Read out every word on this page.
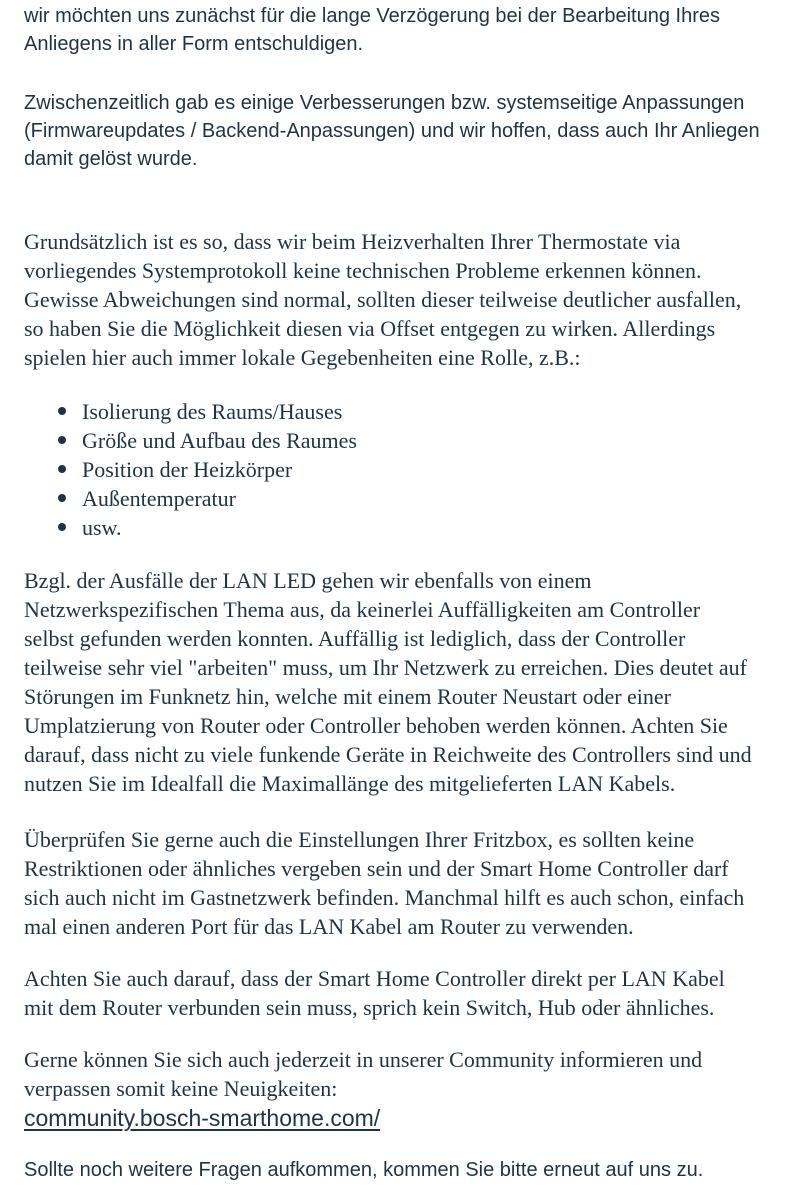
wir möchten uns zunächst für die lange Verzögerung bei der Bearbeitung Ihres
Anliegens in aller Form entschuldigen.

Zwischenzeitlich gab es einige Verbesserungen bzw. systemseitige Anpassungen
(Firmwareupdates / Backend-Anpassungen) und wir hoffen, dass auch Ihr Anliegen
damit gelöst wurde.

Grundsätzlich ist es so, dass wir beim Heizverhalten Ihrer Thermostate via
vorliegendes Systemprotokoll keine technischen Probleme erkennen können.
Gewisse Abweichungen sind normal, sollten dieser teilweise deutlicher ausfallen,
so haben Sie die Möglichkeit diesen via Offset entgegen zu wirken. Allerdings
spielen hier auch immer lokale Gegebenheiten eine Rolle, z.B.:

Isolierung des Raums/Hauses
Größe und Aufbau des Raumes
Position der Heizkörper
Außentemperatur
usw.

Bzgl. der Ausfälle der LAN LED gehen wir ebenfalls von einem
Netzwerkspezifischen Thema aus, da keinerlei Auffälligkeiten am Controller
selbst gefunden werden konnten. Auffällig ist lediglich, dass der Controller
teilweise sehr viel "arbeiten" muss, um Ihr Netzwerk zu erreichen. Dies deutet auf
Störungen im Funknetz hin, welche mit einem Router Neustart oder einer
Umplatzierung von Router oder Controller behoben werden können. Achten Sie
darauf, dass nicht zu viele funkende Geräte in Reichweite des Controllers sind und
nutzen Sie im Idealfall die Maximallänge des mitgelieferten LAN Kabels.

Überprüfen Sie gerne auch die Einstellungen Ihrer Fritzbox, es sollten keine
Restriktionen oder ähnliches vergeben sein und der Smart Home Controller darf
sich auch nicht im Gastnetzwerk befinden. Manchmal hilft es auch schon, einfach
mal einen anderen Port für das LAN Kabel am Router zu verwenden.

Achten Sie auch darauf, dass der Smart Home Controller direkt per LAN Kabel
mit dem Router verbunden sein muss, sprich kein Switch, Hub oder ähnliches.

Gerne können Sie sich auch jederzeit in unserer Community informieren und
verpassen somit keine Neuigkeiten:

community.bosch-smarthome.com/

Sollte noch weitere Fragen aufkommen, kommen Sie bitte erneut auf uns zu.
